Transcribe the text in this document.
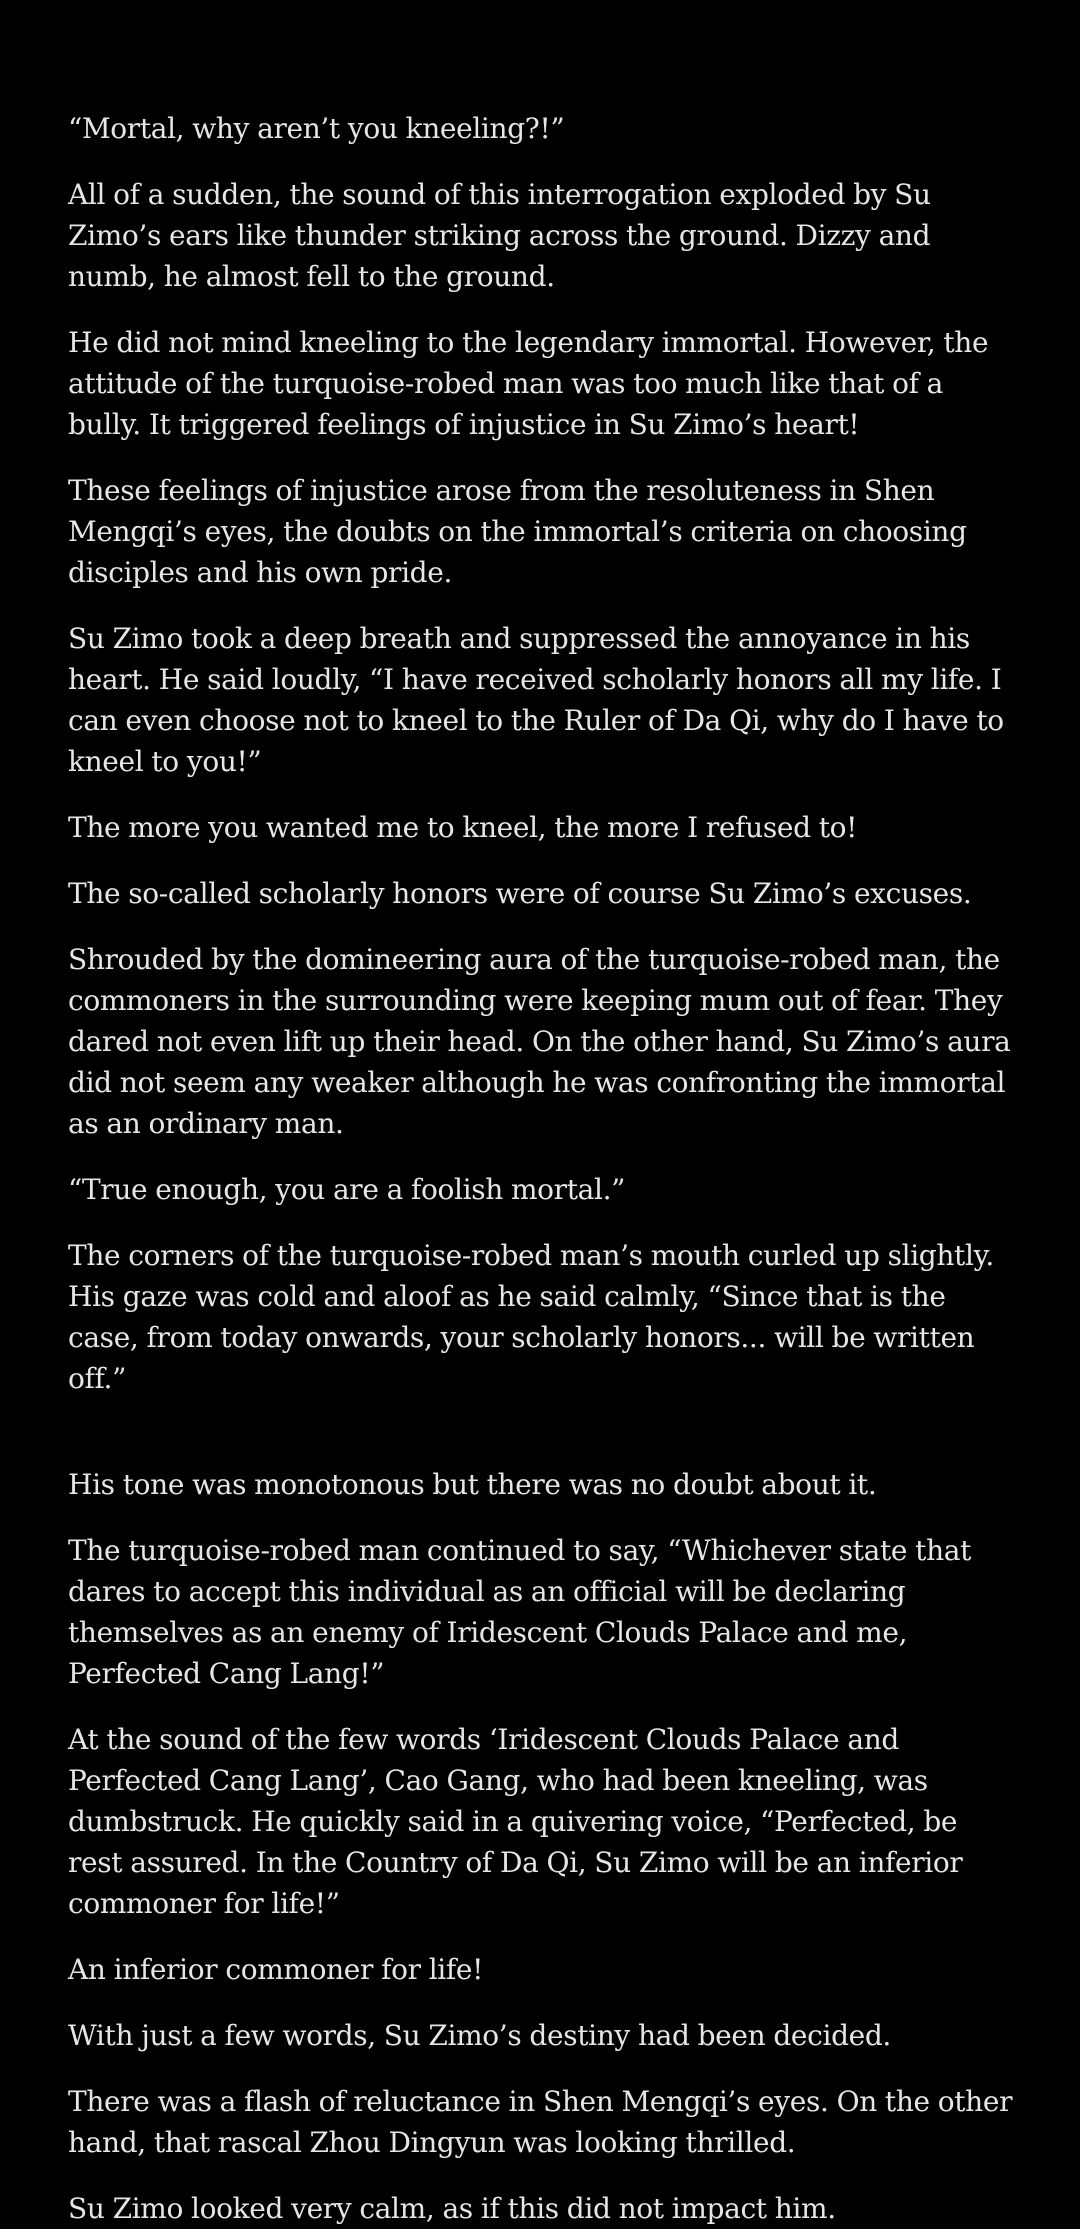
“Mortal, why aren’t you kneeling?!”

All of a sudden, the sound of this interrogation exploded by Su Zimo’s ears like thunder striking across the ground. Dizzy and numb, he almost fell to the ground.

He did not mind kneeling to the legendary immortal. However, the attitude of the turquoise-robed man was too much like that of a bully. It triggered feelings of injustice in Su Zimo’s heart!

These feelings of injustice arose from the resoluteness in Shen Mengqi’s eyes, the doubts on the immortal’s criteria on choosing disciples and his own pride.

Su Zimo took a deep breath and suppressed the annoyance in his heart. He said loudly, “I have received scholarly honors all my life. I can even choose not to kneel to the Ruler of Da Qi, why do I have to kneel to you!”

The more you wanted me to kneel, the more I refused to!

The so-called scholarly honors were of course Su Zimo’s excuses.

Shrouded by the domineering aura of the turquoise-robed man, the commoners in the surrounding were keeping mum out of fear. They dared not even lift up their head. On the other hand, Su Zimo’s aura did not seem any weaker although he was confronting the immortal as an ordinary man.

“True enough, you are a foolish mortal.”

The corners of the turquoise-robed man’s mouth curled up slightly. His gaze was cold and aloof as he said calmly, “Since that is the case, from today onwards, your scholarly honors... will be written off.”

His tone was monotonous but there was no doubt about it.

The turquoise-robed man continued to say, “Whichever state that dares to accept this individual as an official will be declaring themselves as an enemy of Iridescent Clouds Palace and me, Perfected Cang Lang!”

At the sound of the few words ‘Iridescent Clouds Palace and Perfected Cang Lang’, Cao Gang, who had been kneeling, was dumbstruck. He quickly said in a quivering voice, “Perfected, be rest assured. In the Country of Da Qi, Su Zimo will be an inferior commoner for life!”

An inferior commoner for life!

With just a few words, Su Zimo’s destiny had been decided.

There was a flash of reluctance in Shen Mengqi’s eyes. On the other hand, that rascal Zhou Dingyun was looking thrilled.

Su Zimo looked very calm, as if this did not impact him.
